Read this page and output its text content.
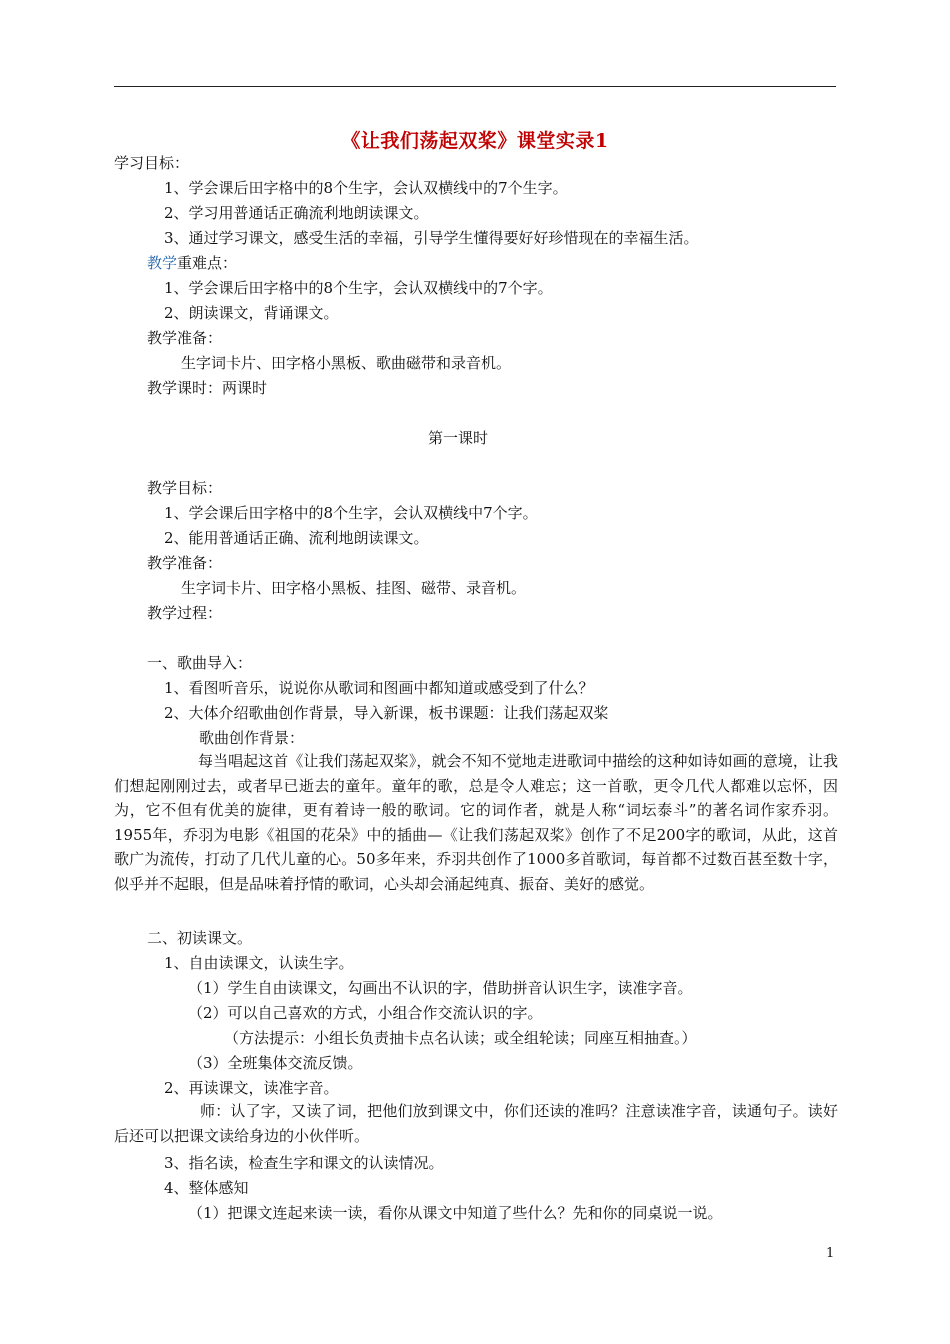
《让我们荡起双桨》课堂实录1
学习目标：
1、学会课后田字格中的8个生字，会认双横线中的7个生字。
2、学习用普通话正确流利地朗读课文。
3、通过学习课文，感受生活的幸福，引导学生懂得要好好珍惜现在的幸福生活。
教学重难点：
1、学会课后田字格中的8个生字，会认双横线中的7个字。
2、朗读课文，背诵课文。
教学准备：
生字词卡片、田字格小黑板、歌曲磁带和录音机。
教学课时：两课时
第一课时
教学目标：
1、学会课后田字格中的8个生字，会认双横线中7个字。
2、能用普通话正确、流利地朗读课文。
教学准备：
生字词卡片、田字格小黑板、挂图、磁带、录音机。
教学过程：
一、歌曲导入：
1、看图听音乐，说说你从歌词和图画中都知道或感受到了什么？
2、大体介绍歌曲创作背景，导入新课，板书课题：让我们荡起双桨
歌曲创作背景：
每当唱起这首《让我们荡起双桨》，就会不知不觉地走进歌词中描绘的这种如诗如画的意境，让我们想起刚刚过去，或者早已逝去的童年。童年的歌，总是令人难忘；这一首歌，更令几代人都难以忘怀，因为，它不但有优美的旋律，更有着诗一般的歌词。它的词作者，就是人称“词坛泰斗”的著名词作家乔羽。1955年，乔羽为电影《祖国的花朵》中的插曲—《让我们荡起双桨》创作了不足200字的歌词，从此，这首歌广为流传，打动了几代儿童的心。50多年来，乔羽共创作了1000多首歌词，每首都不过数百甚至数十字，似乎并不起眼，但是品味着抒情的歌词，心头却会涌起纯真、振奋、美好的感觉。
二、初读课文。
1、自由读课文，认读生字。
（1）学生自由读课文，勾画出不认识的字，借助拼音认识生字，读准字音。
（2）可以自己喜欢的方式，小组合作交流认识的字。
（方法提示：小组长负责抽卡点名认读；或全组轮读；同座互相抽查。）
（3）全班集体交流反馈。
2、再读课文，读准字音。
师：认了字，又读了词，把他们放到课文中，你们还读的准吗？注意读准字音，读通句子。读好后还可以把课文读给身边的小伙伴听。
3、指名读，检查生字和课文的认读情况。
4、整体感知
（1）把课文连起来读一读，看你从课文中知道了些什么？先和你的同桌说一说。
1
